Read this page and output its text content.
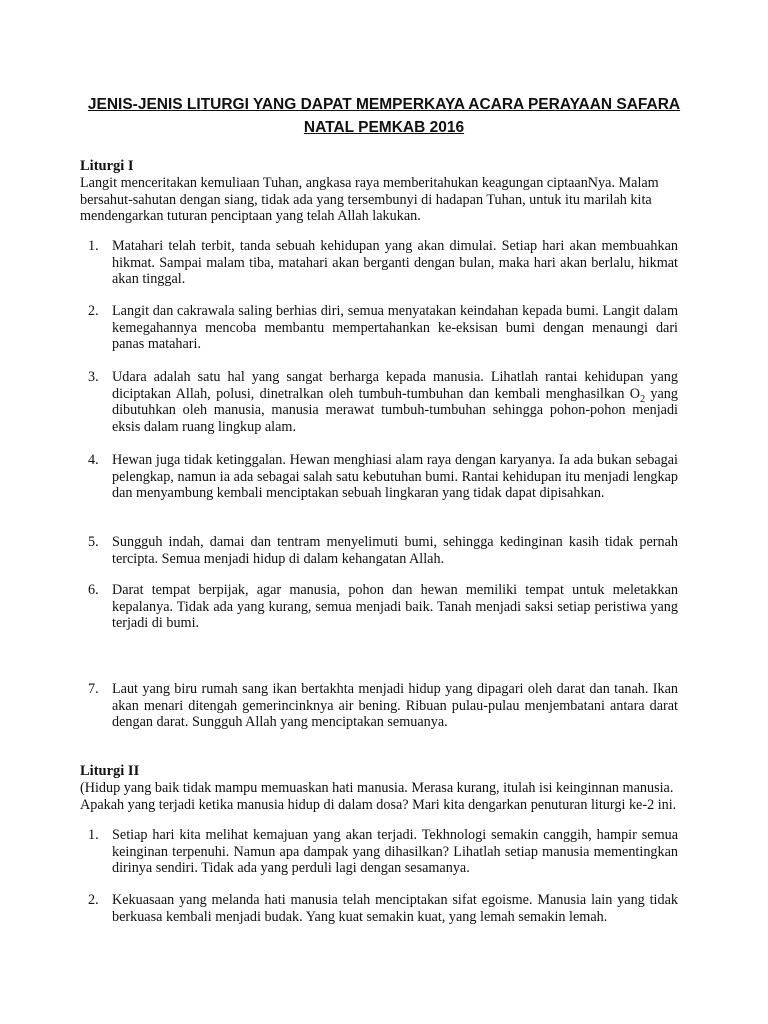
JENIS-JENIS LITURGI YANG DAPAT MEMPERKAYA ACARA PERAYAAN SAFARA
NATAL PEMKAB 2016
Liturgi I
Langit menceritakan kemuliaan Tuhan, angkasa raya memberitahukan keagungan ciptaanNya. Malam bersahut-sahutan dengan siang, tidak ada yang tersembunyi di hadapan Tuhan, untuk itu marilah kita mendengarkan tuturan penciptaan yang telah Allah lakukan.
1. Matahari telah terbit, tanda sebuah kehidupan yang akan dimulai. Setiap hari akan membuahkan hikmat. Sampai malam tiba, matahari akan berganti dengan bulan, maka hari akan berlalu, hikmat akan tinggal.
2. Langit dan cakrawala saling berhias diri, semua menyatakan keindahan kepada bumi. Langit dalam kemegahannya mencoba membantu mempertahankan ke-eksisan bumi dengan menaungi dari panas matahari.
3. Udara adalah satu hal yang sangat berharga kepada manusia. Lihatlah rantai kehidupan yang diciptakan Allah, polusi, dinetralkan oleh tumbuh-tumbuhan dan kembali menghasilkan $O_2$ yang dibutuhkan oleh manusia, manusia merawat tumbuh-tumbuhan sehingga pohon-pohon menjadi eksis dalam ruang lingkup alam.
4. Hewan juga tidak ketinggalan. Hewan menghiasi alam raya dengan karyanya. Ia ada bukan sebagai pelengkap, namun ia ada sebagai salah satu kebutuhan bumi. Rantai kehidupan itu menjadi lengkap dan menyambung kembali menciptakan sebuah lingkaran yang tidak dapat dipisahkan.
5. Sungguh indah, damai dan tentram menyelimuti bumi, sehingga kedinginan kasih tidak pernah tercipta. Semua menjadi hidup di dalam kehangatan Allah.
6. Darat tempat berpijak, agar manusia, pohon dan hewan memiliki tempat untuk meletakkan kepalanya. Tidak ada yang kurang, semua menjadi baik. Tanah menjadi saksi setiap peristiwa yang terjadi di bumi.
7. Laut yang biru rumah sang ikan bertakhta menjadi hidup yang dipagari oleh darat dan tanah. Ikan akan menari ditengah gemerincinknya air bening. Ribuan pulau-pulau menjembatani antara darat dengan darat. Sungguh Allah yang menciptakan semuanya.
Liturgi II
(Hidup yang baik tidak mampu memuaskan hati manusia. Merasa kurang, itulah isi keinginnan manusia. Apakah yang terjadi ketika manusia hidup di dalam dosa? Mari kita dengarkan penuturan liturgi ke-2 ini.
1. Setiap hari kita melihat kemajuan yang akan terjadi. Tekhnologi semakin canggih, hampir semua keinginan terpenuhi. Namun apa dampak yang dihasilkan? Lihatlah setiap manusia mementingkan dirinya sendiri. Tidak ada yang perduli lagi dengan sesamanya.
2. Kekuasaan yang melanda hati manusia telah menciptakan sifat egoisme. Manusia lain yang tidak berkuasa kembali menjadi budak. Yang kuat semakin kuat, yang lemah semakin lemah.
